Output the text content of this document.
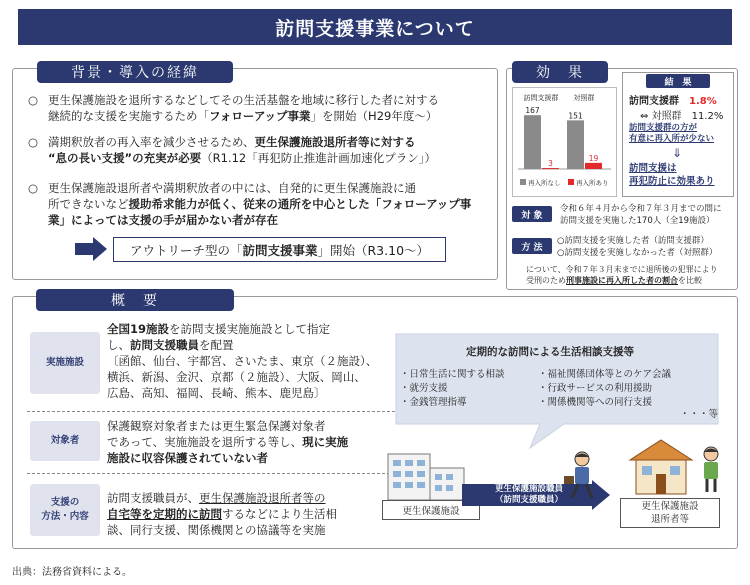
訪問支援事業について
背景・導入の経緯
○ 更生保護施設を退所するなどしてその生活基盤を地域に移行した者に対する
継続的な支援を実施するため「フォローアップ事業」を開始（H29年度～）
○ 満期釈放者の再入率を減少させるため、更生保護施設退所者等に対する
“息の長い支援”の充実が必要（R1.12「再犯防止推進計画加速化プラン」）
○ 更生保護施設退所者や満期釈放者の中には、自発的に更生保護施設に通
所できないなど援助希求能力が低く、従来の通所を中心とした「フォローアップ事
業」によっては支援の手が届かない者が存在
アウトリーチ型の「 訪問支援事業 」開始（R3.10～）
効　果
訪問支援群 対照群
167
151
3
19
再入所なし 再入所あり
結　果
訪問支援群　 1.8%
⇔ 対照群　 11.2%
訪問支援群の方が
有意に再入所が少ない
⇓
訪問支援は
再犯防止に効果あり
対 象
令和６年４月から令和７年３月までの間に
訪問支援を実施した170人（全19施設）
方 法
○訪問支援を実施した者（訪問支援群）
○訪問支援を実施しなかった者（対照群）
について、令和７年３月末までに退所後の犯罪により
受刑のため刑事施設に再入所した者の割合を比較
概　要
実施施設
全国19施設を訪問支援実施施設として指定
し、訪問支援職員を配置
〔函館、仙台、宇都宮、さいたま、東京（２施設）、
横浜、新潟、金沢、京都（２施設）、大阪、岡山、
広島、高知、福岡、長崎、熊本、鹿児島〕
対象者
保護観察対象者または更生緊急保護対象者
であって、実施施設を退所する等し、現に実施
施設に収容保護されていない者
支援の
方法・内容
訪問支援職員が、更生保護施設退所者等の
自宅等を定期的に訪問するなどにより生活相
談、同行支援、関係機関との協議等を実施
定期的な訪問による生活相談支援等
・日常生活に関する相談
・就労支援
・金銭管理指導
・福祉関係団体等とのケア会議
・行政サービスの利用援助
・関係機関等への同行支援
・・・等
更生保護施設
更生保護施設職員
（訪問支援職員）
更生保護施設
退所者等
出典：法務省資料による。
